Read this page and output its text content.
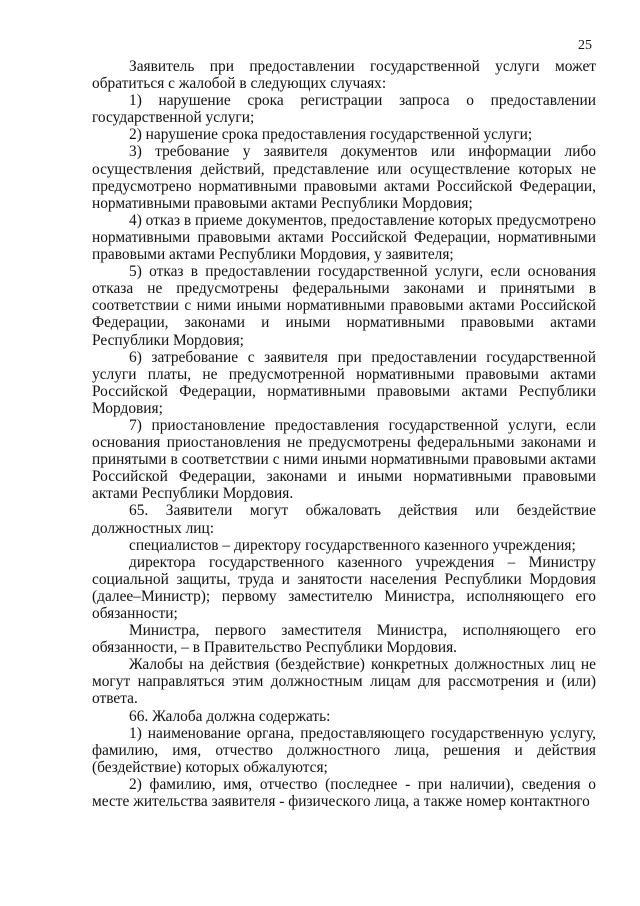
25

Заявитель при предоставлении государственной услуги может обратиться с жалобой в следующих случаях:

1) нарушение срока регистрации запроса о предоставлении государственной услуги;

2) нарушение срока предоставления государственной услуги;

3) требование у заявителя документов или информации либо осуществления действий, представление или осуществление которых не предусмотрено нормативными правовыми актами Российской Федерации, нормативными правовыми актами Республики Мордовия;

4) отказ в приеме документов, предоставление которых предусмотрено нормативными правовыми актами Российской Федерации, нормативными правовыми актами Республики Мордовия, у заявителя;

5) отказ в предоставлении государственной услуги, если основания отказа не предусмотрены федеральными законами и принятыми в соответствии с ними иными нормативными правовыми актами Российской Федерации, законами и иными нормативными правовыми актами Республики Мордовия;

6) затребование с заявителя при предоставлении государственной услуги платы, не предусмотренной нормативными правовыми актами Российской Федерации, нормативными правовыми актами Республики Мордовия;

7) приостановление предоставления государственной услуги, если основания приостановления не предусмотрены федеральными законами и принятыми в соответствии с ними иными нормативными правовыми актами Российской Федерации, законами и иными нормативными правовыми актами Республики Мордовия.

65. Заявители могут обжаловать действия или бездействие должностных лиц:

специалистов – директору государственного казенного учреждения;

директора государственного казенного учреждения – Министру социальной защиты, труда и занятости населения Республики Мордовия (далее–Министр); первому заместителю Министра, исполняющего его обязанности;

Министра, первого заместителя Министра, исполняющего его обязанности, – в Правительство Республики Мордовия.

Жалобы на действия (бездействие) конкретных должностных лиц не могут направляться этим должностным лицам для рассмотрения и (или) ответа.

66. Жалоба должна содержать:

1) наименование органа, предоставляющего государственную услугу, фамилию, имя, отчество должностного лица, решения и действия (бездействие) которых обжалуются;

2) фамилию, имя, отчество (последнее - при наличии), сведения о месте жительства заявителя - физического лица, а также номер контактного
